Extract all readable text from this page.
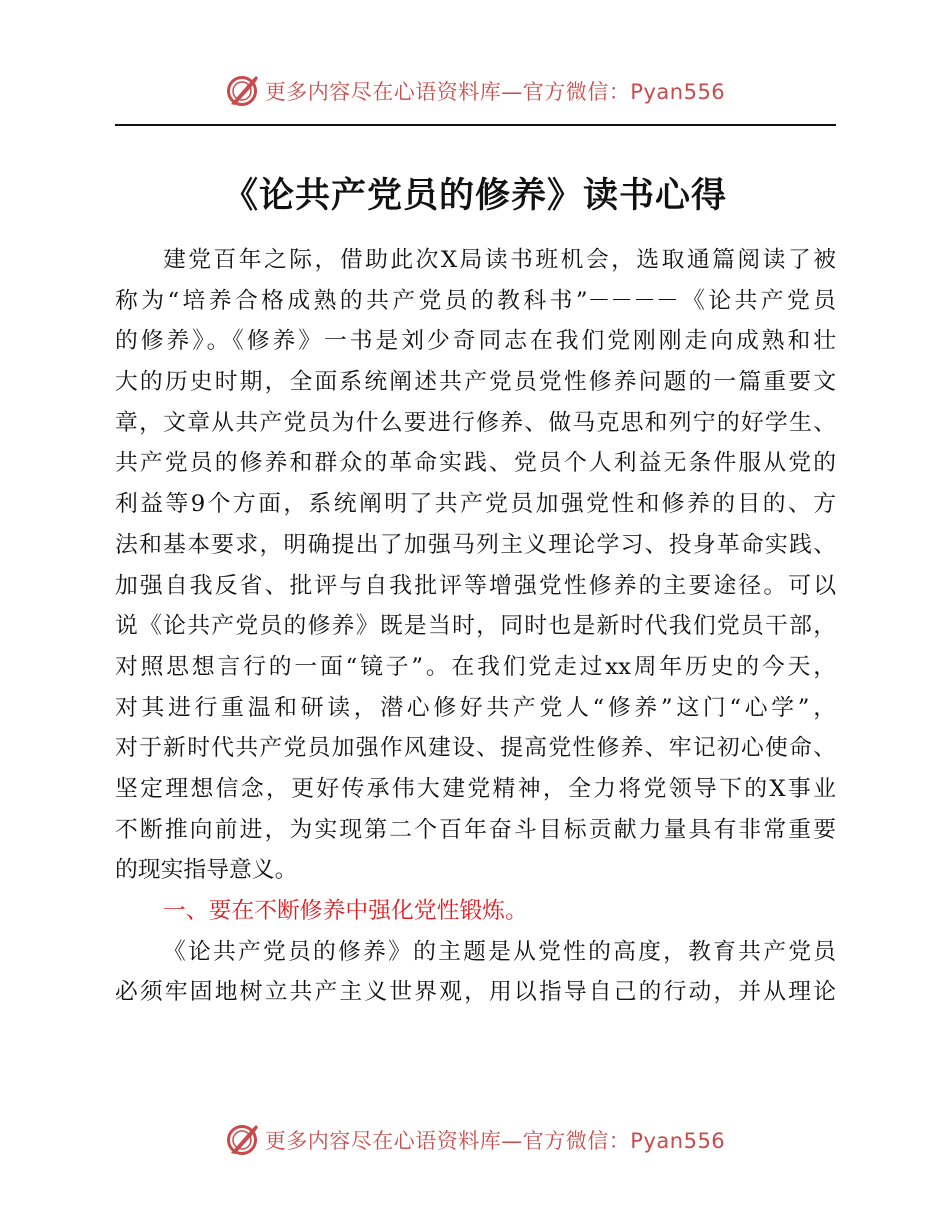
更多内容尽在心语资料库—官方微信：Pyan556
《论共产党员的修养》读书心得
建党百年之际，借助此次X局读书班机会，选取通篇阅读了被
称为“培养合格成熟的共产党员的教科书”－－－－《论共产党员
的修养》。《修养》一书是刘少奇同志在我们党刚刚走向成熟和壮
大的历史时期，全面系统阐述共产党员党性修养问题的一篇重要文
章，文章从共产党员为什么要进行修养、做马克思和列宁的好学生、
共产党员的修养和群众的革命实践、党员个人利益无条件服从党的
利益等9个方面，系统阐明了共产党员加强党性和修养的目的、方
法和基本要求，明确提出了加强马列主义理论学习、投身革命实践、
加强自我反省、批评与自我批评等增强党性修养的主要途径。可以
说《论共产党员的修养》既是当时，同时也是新时代我们党员干部，
对照思想言行的一面“镜子”。在我们党走过xx周年历史的今天，
对其进行重温和研读，潜心修好共产党人“修养”这门“心学”，
对于新时代共产党员加强作风建设、提高党性修养、牢记初心使命、
坚定理想信念，更好传承伟大建党精神，全力将党领导下的X事业
不断推向前进，为实现第二个百年奋斗目标贡献力量具有非常重要
的现实指导意义。
一、要在不断修养中强化党性锻炼。
《论共产党员的修养》的主题是从党性的高度，教育共产党员
必须牢固地树立共产主义世界观，用以指导自己的行动，并从理论
更多内容尽在心语资料库—官方微信：Pyan556
